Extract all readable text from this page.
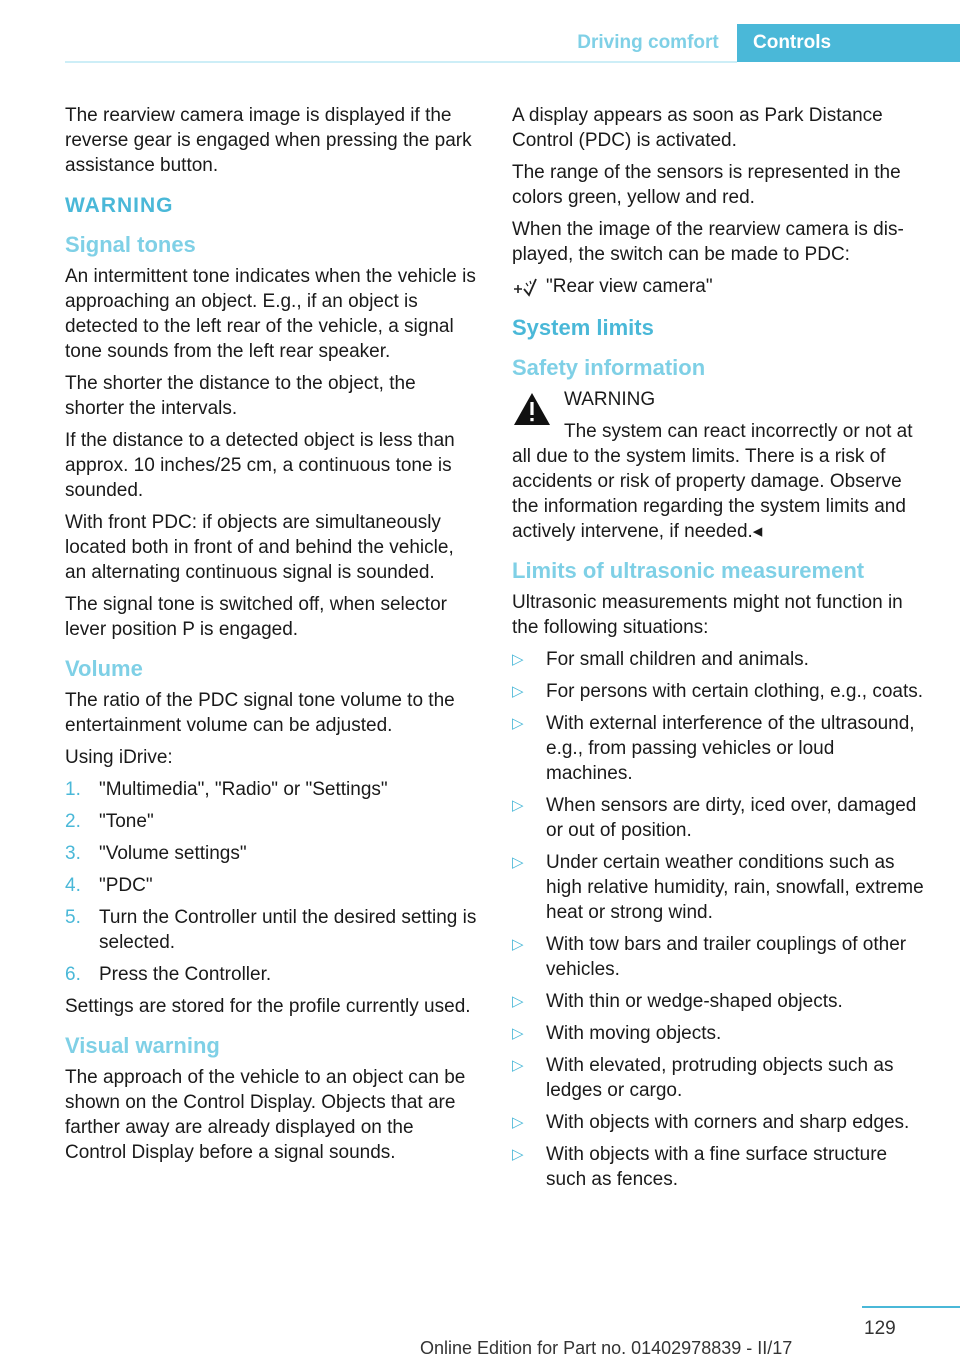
Driving comfort	Controls

The rearview camera image is displayed if the reverse gear is engaged when pressing the park assistance button.

WARNING
Signal tones

An intermittent tone indicates when the vehicle is approaching an object. E.g., if an object is detected to the left rear of the vehicle, a signal tone sounds from the left rear speaker.

The shorter the distance to the object, the shorter the intervals.

If the distance to a detected object is less than approx. 10 inches/25 cm, a continuous tone is sounded.

With front PDC: if objects are simultaneously located both in front of and behind the vehicle, an alternating continuous signal is sounded.

The signal tone is switched off, when selector lever position P is engaged.

Volume

The ratio of the PDC signal tone volume to the entertainment volume can be adjusted.

Using iDrive:

1. "Multimedia", "Radio" or "Settings"
2. "Tone"
3. "Volume settings"
4. "PDC"
5. Turn the Controller until the desired setting is selected.
6. Press the Controller.

Settings are stored for the profile currently used.

Visual warning

The approach of the vehicle to an object can be shown on the Control Display. Objects that are farther away are already displayed on the Control Display before a signal sounds.

A display appears as soon as Park Distance Control (PDC) is activated.

The range of the sensors is represented in the colors green, yellow and red.

When the image of the rearview camera is displayed, the switch can be made to PDC:

"Rear view camera"
System limits
Safety information
WARNING
The system can react incorrectly or not at all due to the system limits. There is a risk of accidents or risk of property damage. Observe the information regarding the system limits and actively intervene, if needed.◂
Limits of ultrasonic measurement

Ultrasonic measurements might not function in the following situations:

▷ For small children and animals.
▷ For persons with certain clothing, e.g., coats.
▷ With external interference of the ultrasound, e.g., from passing vehicles or loud machines.
▷ When sensors are dirty, iced over, damaged or out of position.
▷ Under certain weather conditions such as high relative humidity, rain, snowfall, extreme heat or strong wind.
▷ With tow bars and trailer couplings of other vehicles.
▷ With thin or wedge-shaped objects.
▷ With moving objects.
▷ With elevated, protruding objects such as ledges or cargo.
▷ With objects with corners and sharp edges.
▷ With objects with a fine surface structure such as fences.
129
Online Edition for Part no. 01402978839 - II/17
